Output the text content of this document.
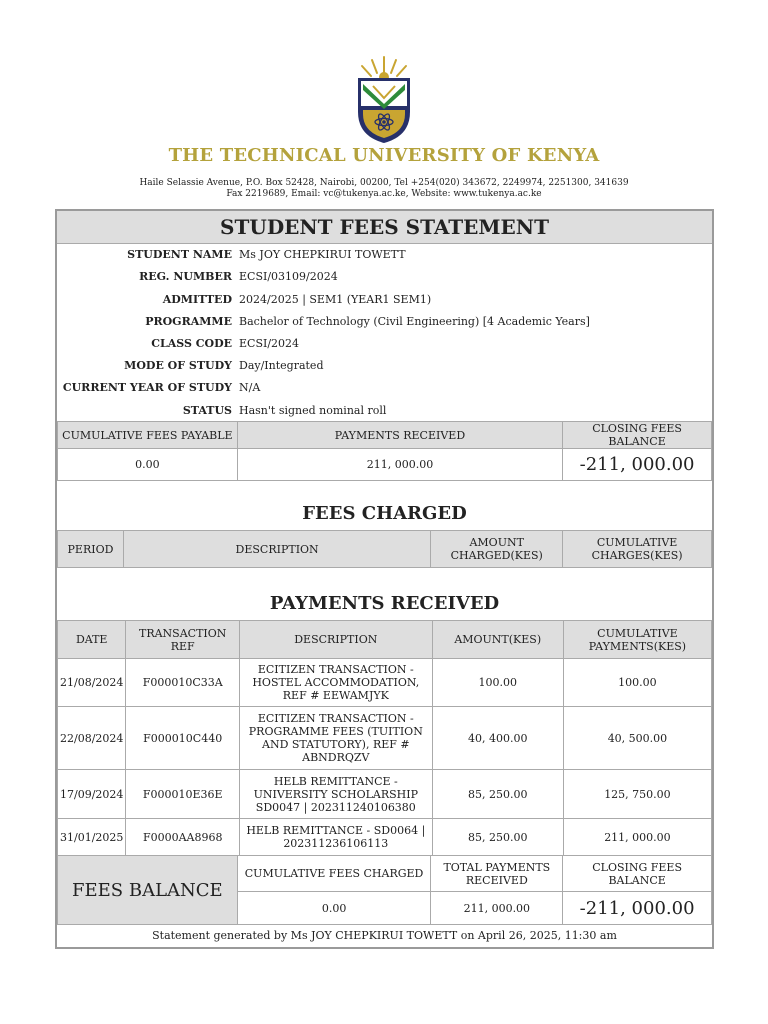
THE TECHNICAL UNIVERSITY OF KENYA
Haile Selassie Avenue, P.O. Box 52428, Nairobi, 00200, Tel +254(020) 343672, 2249974, 2251300, 341639
Fax 2219689, Email: vc@tukenya.ac.ke, Website: www.tukenya.ac.ke
STUDENT FEES STATEMENT
STUDENT NAME Ms JOY CHEPKIRUI TOWETT
REG. NUMBER ECSI/03109/2024
ADMITTED 2024/2025 | SEM1 (YEAR1 SEM1)
PROGRAMME Bachelor of Technology (Civil Engineering) [4 Academic Years]
CLASS CODE ECSI/2024
MODE OF STUDY Day/Integrated
CURRENT YEAR OF STUDY N/A
STATUS Hasn't signed nominal roll
CUMULATIVE FEES PAYABLE	PAYMENTS RECEIVED	CLOSING FEES BALANCE
0.00	211, 000.00	-211, 000.00
FEES CHARGED
PERIOD	DESCRIPTION	AMOUNT CHARGED(KES)	CUMULATIVE CHARGES(KES)
PAYMENTS RECEIVED
DATE	TRANSACTION REF	DESCRIPTION	AMOUNT(KES)	CUMULATIVE PAYMENTS(KES)
21/08/2024	F000010C33A	ECITIZEN TRANSACTION - HOSTEL ACCOMMODATION, REF # EEWAMJYK	100.00	100.00
22/08/2024	F000010C440	ECITIZEN TRANSACTION - PROGRAMME FEES (TUITION AND STATUTORY), REF # ABNDRQZV	40, 400.00	40, 500.00
17/09/2024	F000010E36E	HELB REMITTANCE - UNIVERSITY SCHOLARSHIP SD0047 | 202311240106380	85, 250.00	125, 750.00
31/01/2025	F0000AA8968	HELB REMITTANCE - SD0064 | 202311236106113	85, 250.00	211, 000.00
FEES BALANCE	CUMULATIVE FEES CHARGED	TOTAL PAYMENTS RECEIVED	CLOSING FEES BALANCE
	0.00	211, 000.00	-211, 000.00
Statement generated by Ms JOY CHEPKIRUI TOWETT on April 26, 2025, 11:30 am
